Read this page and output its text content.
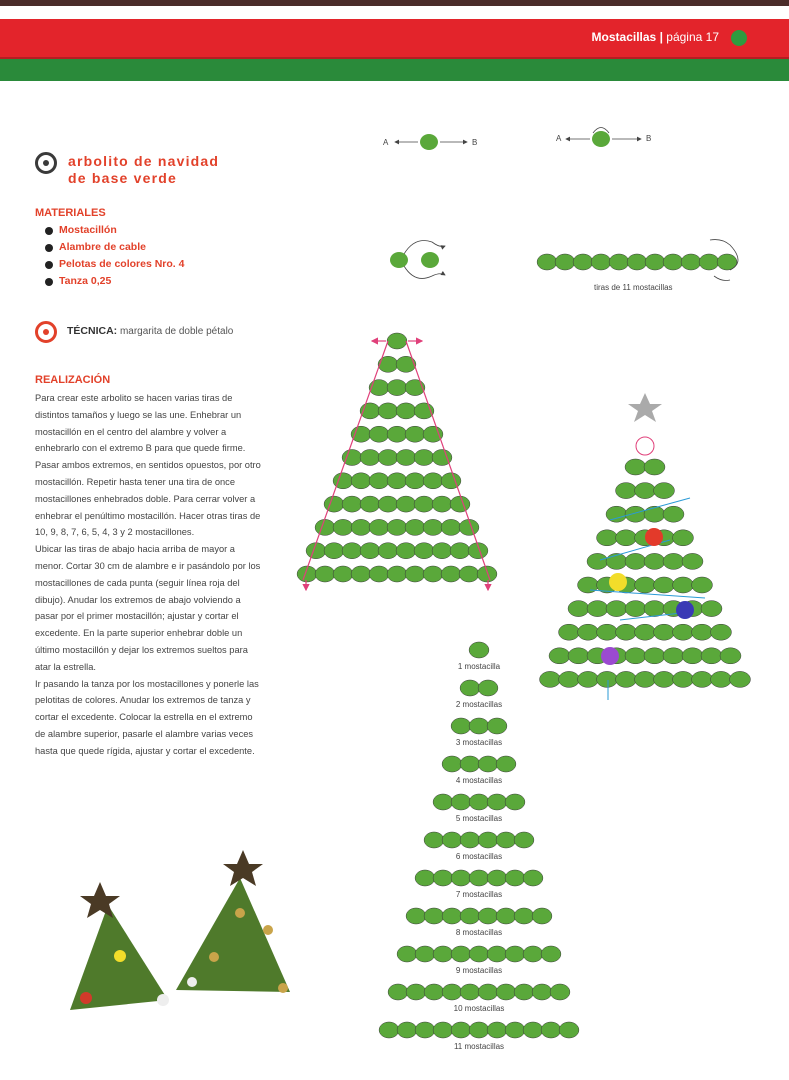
Mostacillas | página 17
arbolito de navidad
de base verde
MATERIALES
Mostacillón
Alambre de cable
Pelotas de colores Nro. 4
Tanza 0,25
TÉCNICA: margarita de doble pétalo
REALIZACIÓN

Para crear este arbolito se hacen varias tiras de distintos tamaños y luego se las une. Enhebrar un mostacillón en el centro del alambre y volver a enhebrarlo con el extremo B para que quede firme. Pasar ambos extremos, en sentidos opuestos, por otro mostacillón. Repetir hasta tener una tira de once mostacillones enhebrados doble. Para cerrar volver a enhebrar el penúltimo mostacillón. Hacer otras tiras de 10, 9, 8, 7, 6, 5, 4, 3 y 2 mostacillones.

Ubicar las tiras de abajo hacia arriba de mayor a menor. Cortar 30 cm de alambre e ir pasándolo por los mostacillones de cada punta (seguir línea roja del dibujo). Anudar los extremos de abajo volviendo a pasar por el primer mostacillón; ajustar y cortar el excedente. En la parte superior enhebrar doble un último mostacillón y dejar los extremos sueltos para atar la estrella.

Ir pasando la tanza por los mostacillones y ponerle las pelotitas de colores. Anudar los extremos de tanza y cortar el excedente. Colocar la estrella en el extremo de alambre superior, pasarle el alambre varias veces hasta que quede rígida, ajustar y cortar el excedente.

A	B	A	B
tiras de 11 mostacillas
1 mostacilla
2 mostacillas
3 mostacillas
4 mostacillas
5 mostacillas
6 mostacillas
7 mostacillas
8 mostacillas
9 mostacillas
10 mostacillas
11 mostacillas
